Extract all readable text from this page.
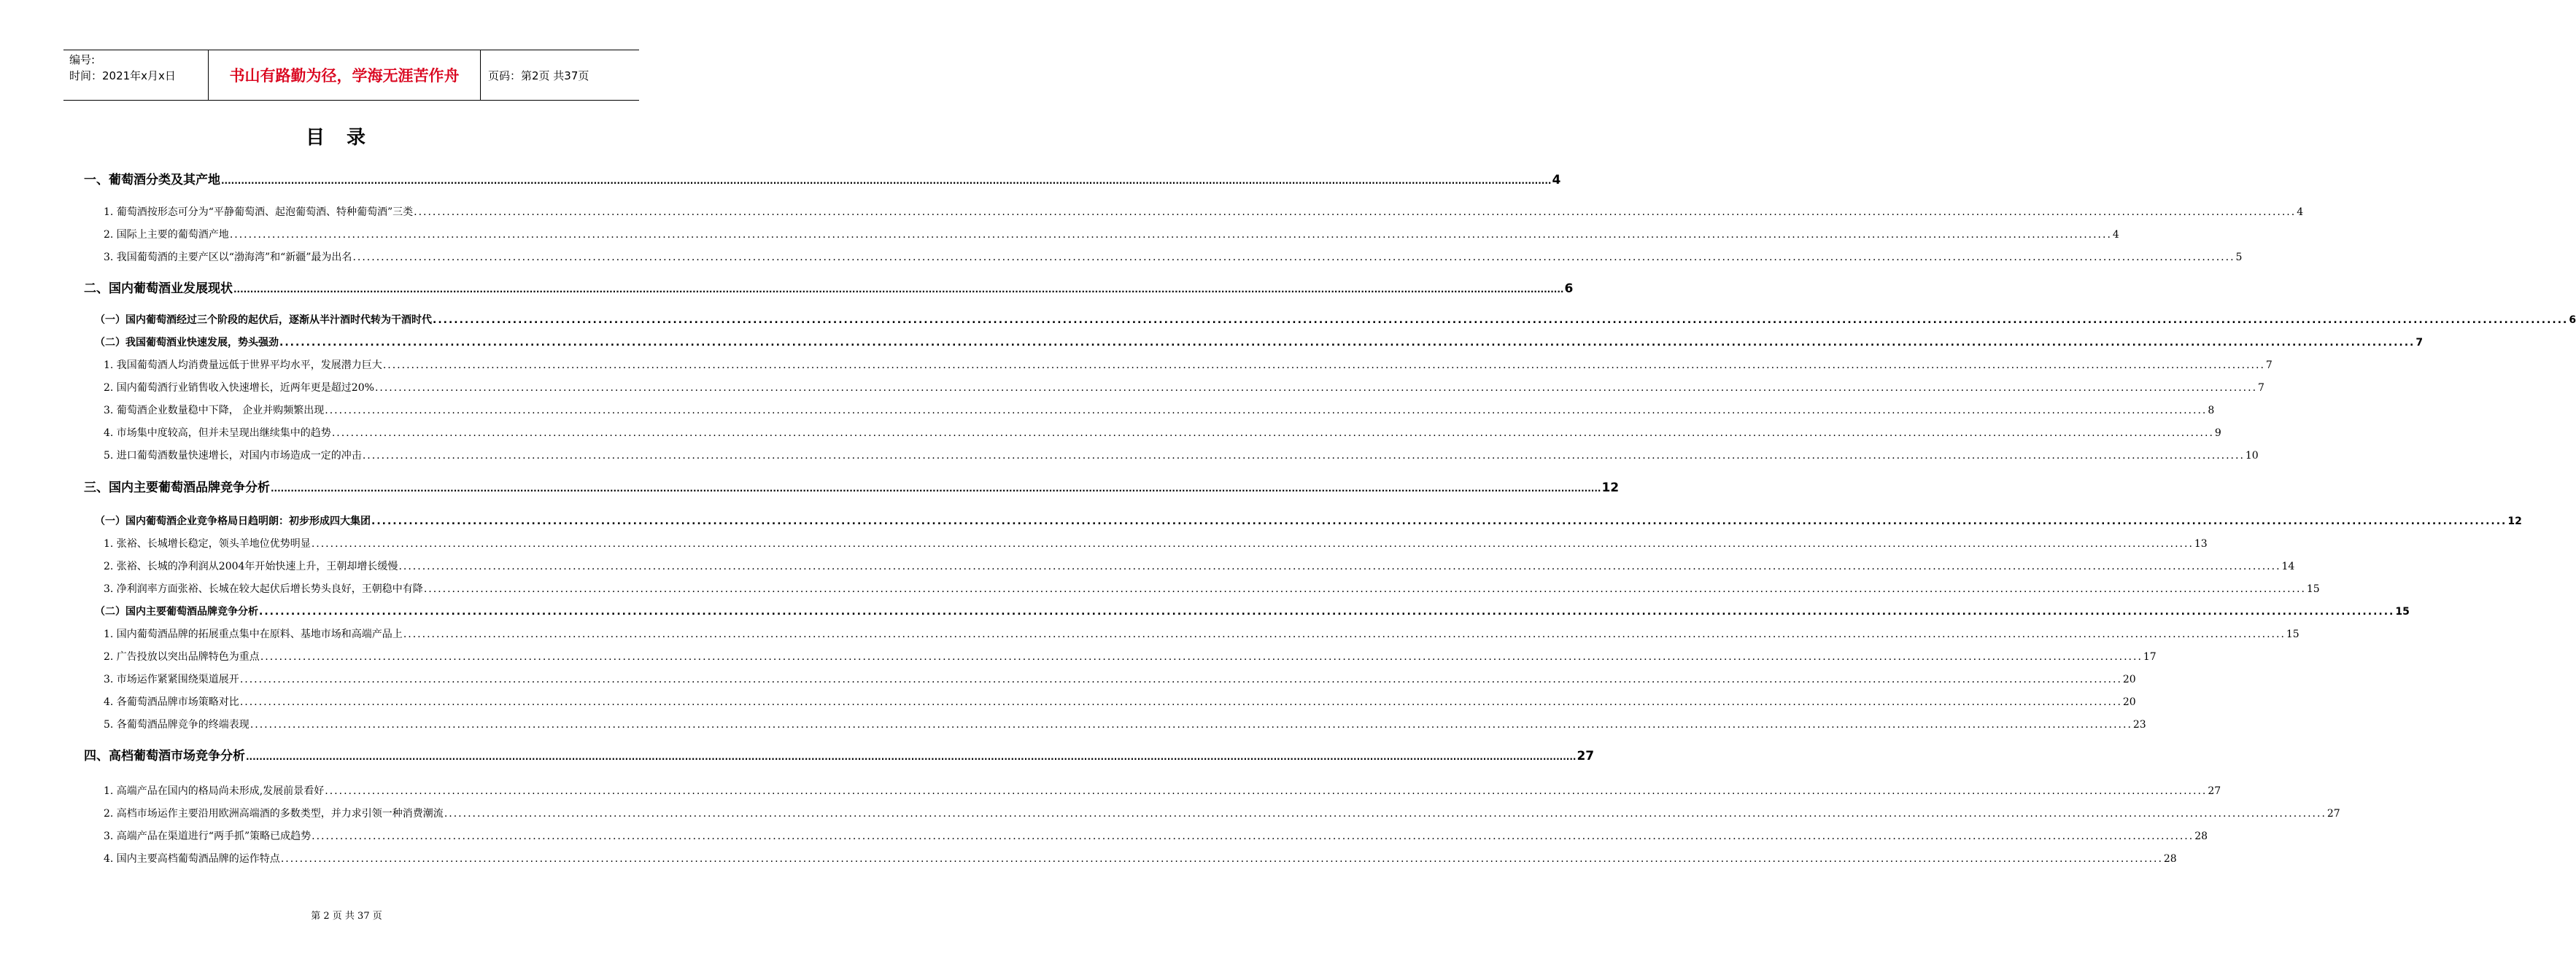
编号:
时间：2021年x月x日	书山有路勤为径，学海无涯苦作舟	页码：第2页 共37页
目录
一、葡萄酒分类及其产地 ................................................................................................................................................................................................................................................................................................................................................................................................................ 4
1. 葡萄酒按形态可分为“平静葡萄酒、起泡葡萄酒、特种葡萄酒”三类 ................................................................................................................................................................................................................................................................................................................................................................................................................ 4
2. 国际上主要的葡萄酒产地 ................................................................................................................................................................................................................................................................................................................................................................................................................ 4
3. 我国葡萄酒的主要产区以“渤海湾”和“新疆”最为出名 ................................................................................................................................................................................................................................................................................................................................................................................................................ 5
二、国内葡萄酒业发展现状 ................................................................................................................................................................................................................................................................................................................................................................................................................ 6
（一）国内葡萄酒经过三个阶段的起伏后，逐渐从半汁酒时代转为干酒时代 ................................................................................................................................................................................................................................................................................................................................................................................................................ 6
（二）我国葡萄酒业快速发展，势头强劲 ................................................................................................................................................................................................................................................................................................................................................................................................................ 7
1. 我国葡萄酒人均消费量远低于世界平均水平，发展潜力巨大 ................................................................................................................................................................................................................................................................................................................................................................................................................ 7
2. 国内葡萄酒行业销售收入快速增长，近两年更是超过20% ................................................................................................................................................................................................................................................................................................................................................................................................................ 7
3. 葡萄酒企业数量稳中下降， 企业并购频繁出现 ................................................................................................................................................................................................................................................................................................................................................................................................................ 8
4. 市场集中度较高，但并未呈现出继续集中的趋势 ................................................................................................................................................................................................................................................................................................................................................................................................................ 9
5. 进口葡萄酒数量快速增长，对国内市场造成一定的冲击 ................................................................................................................................................................................................................................................................................................................................................................................................................ 10
三、国内主要葡萄酒品牌竞争分析 ................................................................................................................................................................................................................................................................................................................................................................................................................ 12
（一）国内葡萄酒企业竞争格局日趋明朗：初步形成四大集团 ................................................................................................................................................................................................................................................................................................................................................................................................................ 12
1. 张裕、长城增长稳定，领头羊地位优势明显 ................................................................................................................................................................................................................................................................................................................................................................................................................ 13
2. 张裕、长城的净利润从2004年开始快速上升，王朝却增长缓慢 ................................................................................................................................................................................................................................................................................................................................................................................................................ 14
3. 净利润率方面张裕、长城在较大起伏后增长势头良好，王朝稳中有降 ................................................................................................................................................................................................................................................................................................................................................................................................................ 15
（二）国内主要葡萄酒品牌竞争分析 ................................................................................................................................................................................................................................................................................................................................................................................................................ 15
1. 国内葡萄酒品牌的拓展重点集中在原料、基地市场和高端产品上 ................................................................................................................................................................................................................................................................................................................................................................................................................ 15
2. 广告投放以突出品牌特色为重点 ................................................................................................................................................................................................................................................................................................................................................................................................................ 17
3. 市场运作紧紧围绕渠道展开 ................................................................................................................................................................................................................................................................................................................................................................................................................ 20
4. 各葡萄酒品牌市场策略对比 ................................................................................................................................................................................................................................................................................................................................................................................................................ 20
5. 各葡萄酒品牌竞争的终端表现 ................................................................................................................................................................................................................................................................................................................................................................................................................ 23
四、高档葡萄酒市场竞争分析 ................................................................................................................................................................................................................................................................................................................................................................................................................ 27
1. 高端产品在国内的格局尚未形成,发展前景看好 ................................................................................................................................................................................................................................................................................................................................................................................................................ 27
2. 高档市场运作主要沿用欧洲高端酒的多数类型，并力求引领一种消费潮流 ................................................................................................................................................................................................................................................................................................................................................................................................................ 27
3. 高端产品在渠道进行“两手抓”策略已成趋势 ................................................................................................................................................................................................................................................................................................................................................................................................................ 28
4. 国内主要高档葡萄酒品牌的运作特点 ................................................................................................................................................................................................................................................................................................................................................................................................................ 28
第 2 页 共 37 页
